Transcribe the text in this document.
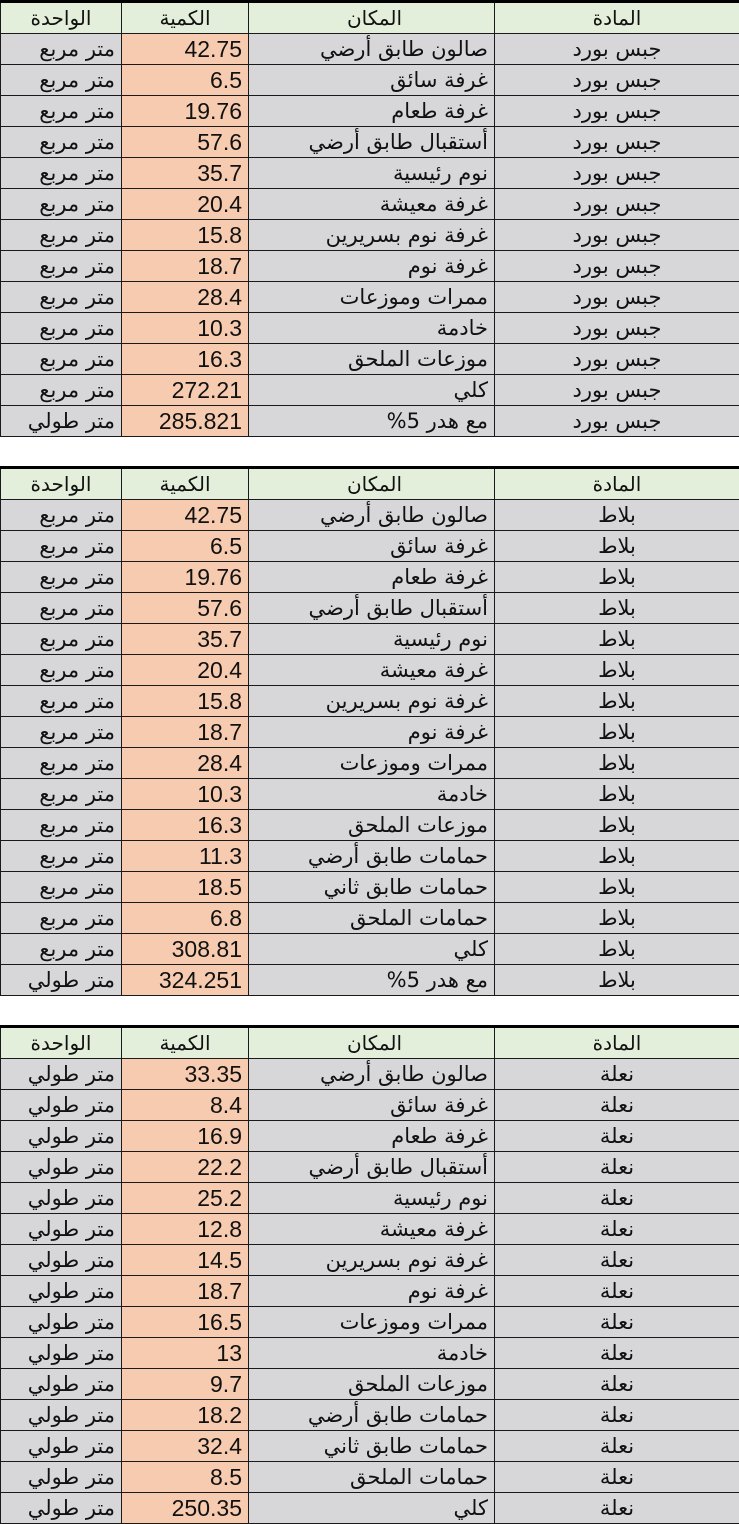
الواحدة	الكمية	المكان	المادة
متر مربع	42.75	صالون طابق أرضي	جبس بورد
متر مربع	6.5	غرفة سائق	جبس بورد
متر مربع	19.76	غرفة طعام	جبس بورد
متر مربع	57.6	أستقبال طابق أرضي	جبس بورد
متر مربع	35.7	نوم رئيسية	جبس بورد
متر مربع	20.4	غرفة معيشة	جبس بورد
متر مربع	15.8	غرفة نوم بسريرين	جبس بورد
متر مربع	18.7	غرفة نوم	جبس بورد
متر مربع	28.4	ممرات وموزعات	جبس بورد
متر مربع	10.3	خادمة	جبس بورد
متر مربع	16.3	موزعات الملحق	جبس بورد
متر مربع	272.21	كلي	جبس بورد
متر طولي	285.821	مع هدر 5%	جبس بورد
الواحدة	الكمية	المكان	المادة
متر مربع	42.75	صالون طابق أرضي	بلاط
متر مربع	6.5	غرفة سائق	بلاط
متر مربع	19.76	غرفة طعام	بلاط
متر مربع	57.6	أستقبال طابق أرضي	بلاط
متر مربع	35.7	نوم رئيسية	بلاط
متر مربع	20.4	غرفة معيشة	بلاط
متر مربع	15.8	غرفة نوم بسريرين	بلاط
متر مربع	18.7	غرفة نوم	بلاط
متر مربع	28.4	ممرات وموزعات	بلاط
متر مربع	10.3	خادمة	بلاط
متر مربع	16.3	موزعات الملحق	بلاط
متر مربع	11.3	حمامات طابق أرضي	بلاط
متر مربع	18.5	حمامات طابق ثاني	بلاط
متر مربع	6.8	حمامات الملحق	بلاط
متر مربع	308.81	كلي	بلاط
متر طولي	324.251	مع هدر 5%	بلاط
الواحدة	الكمية	المكان	المادة
متر طولي	33.35	صالون طابق أرضي	نعلة
متر طولي	8.4	غرفة سائق	نعلة
متر طولي	16.9	غرفة طعام	نعلة
متر طولي	22.2	أستقبال طابق أرضي	نعلة
متر طولي	25.2	نوم رئيسية	نعلة
متر طولي	12.8	غرفة معيشة	نعلة
متر طولي	14.5	غرفة نوم بسريرين	نعلة
متر طولي	18.7	غرفة نوم	نعلة
متر طولي	16.5	ممرات وموزعات	نعلة
متر طولي	13	خادمة	نعلة
متر طولي	9.7	موزعات الملحق	نعلة
متر طولي	18.2	حمامات طابق أرضي	نعلة
متر طولي	32.4	حمامات طابق ثاني	نعلة
متر طولي	8.5	حمامات الملحق	نعلة
متر طولي	250.35	كلي	نعلة
